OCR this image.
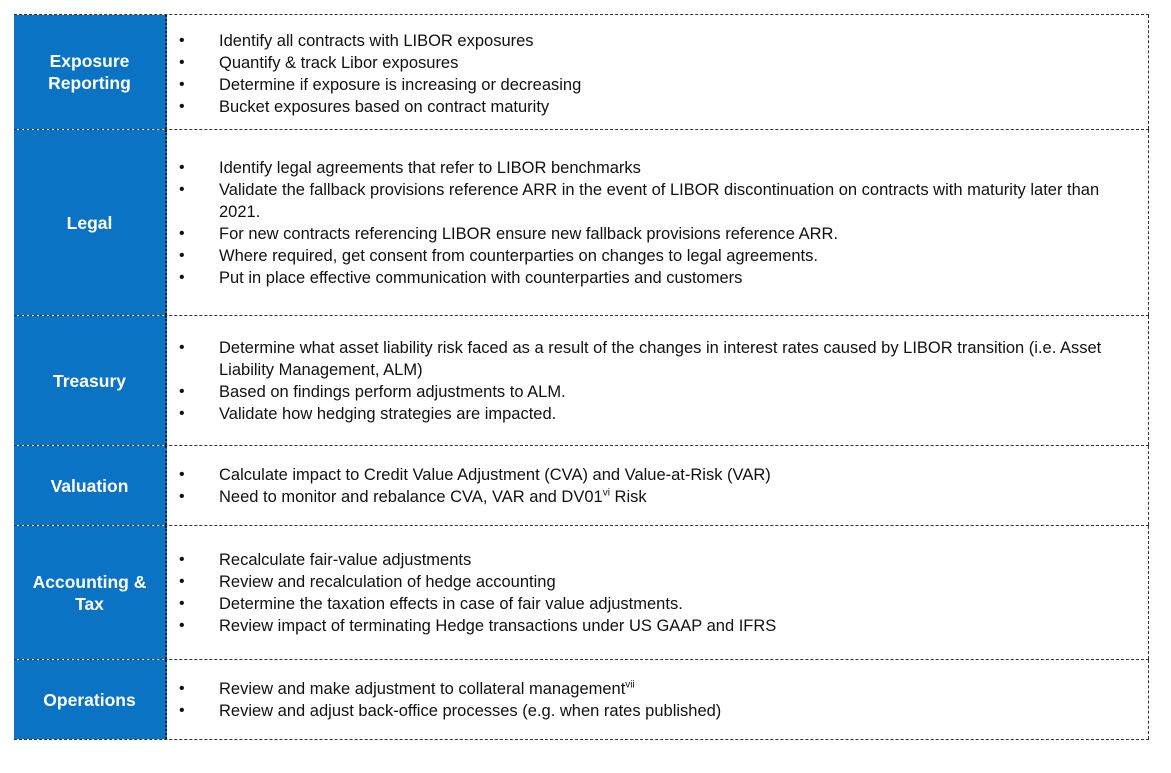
Exposure Reporting
• Identify all contracts with LIBOR exposures
• Quantify & track Libor exposures
• Determine if exposure is increasing or decreasing
• Bucket exposures based on contract maturity
Legal
• Identify legal agreements that refer to LIBOR benchmarks
• Validate the fallback provisions reference ARR in the event of LIBOR discontinuation on contracts with maturity later than 2021.
• For new contracts referencing LIBOR ensure new fallback provisions reference ARR.
• Where required, get consent from counterparties on changes to legal agreements.
• Put in place effective communication with counterparties and customers
Treasury
• Determine what asset liability risk faced as a result of the changes in interest rates caused by LIBOR transition (i.e. Asset Liability Management, ALM)
• Based on findings perform adjustments to ALM.
• Validate how hedging strategies are impacted.
Valuation
• Calculate impact to Credit Value Adjustment (CVA) and Value-at-Risk (VAR)
• Need to monitor and rebalance CVA, VAR and DV01$^{vi}$ Risk
Accounting & Tax
• Recalculate fair-value adjustments
• Review and recalculation of hedge accounting
• Determine the taxation effects in case of fair value adjustments.
• Review impact of terminating Hedge transactions under US GAAP and IFRS
Operations
• Review and make adjustment to collateral management$^{vii}$
• Review and adjust back-office processes (e.g. when rates published)
